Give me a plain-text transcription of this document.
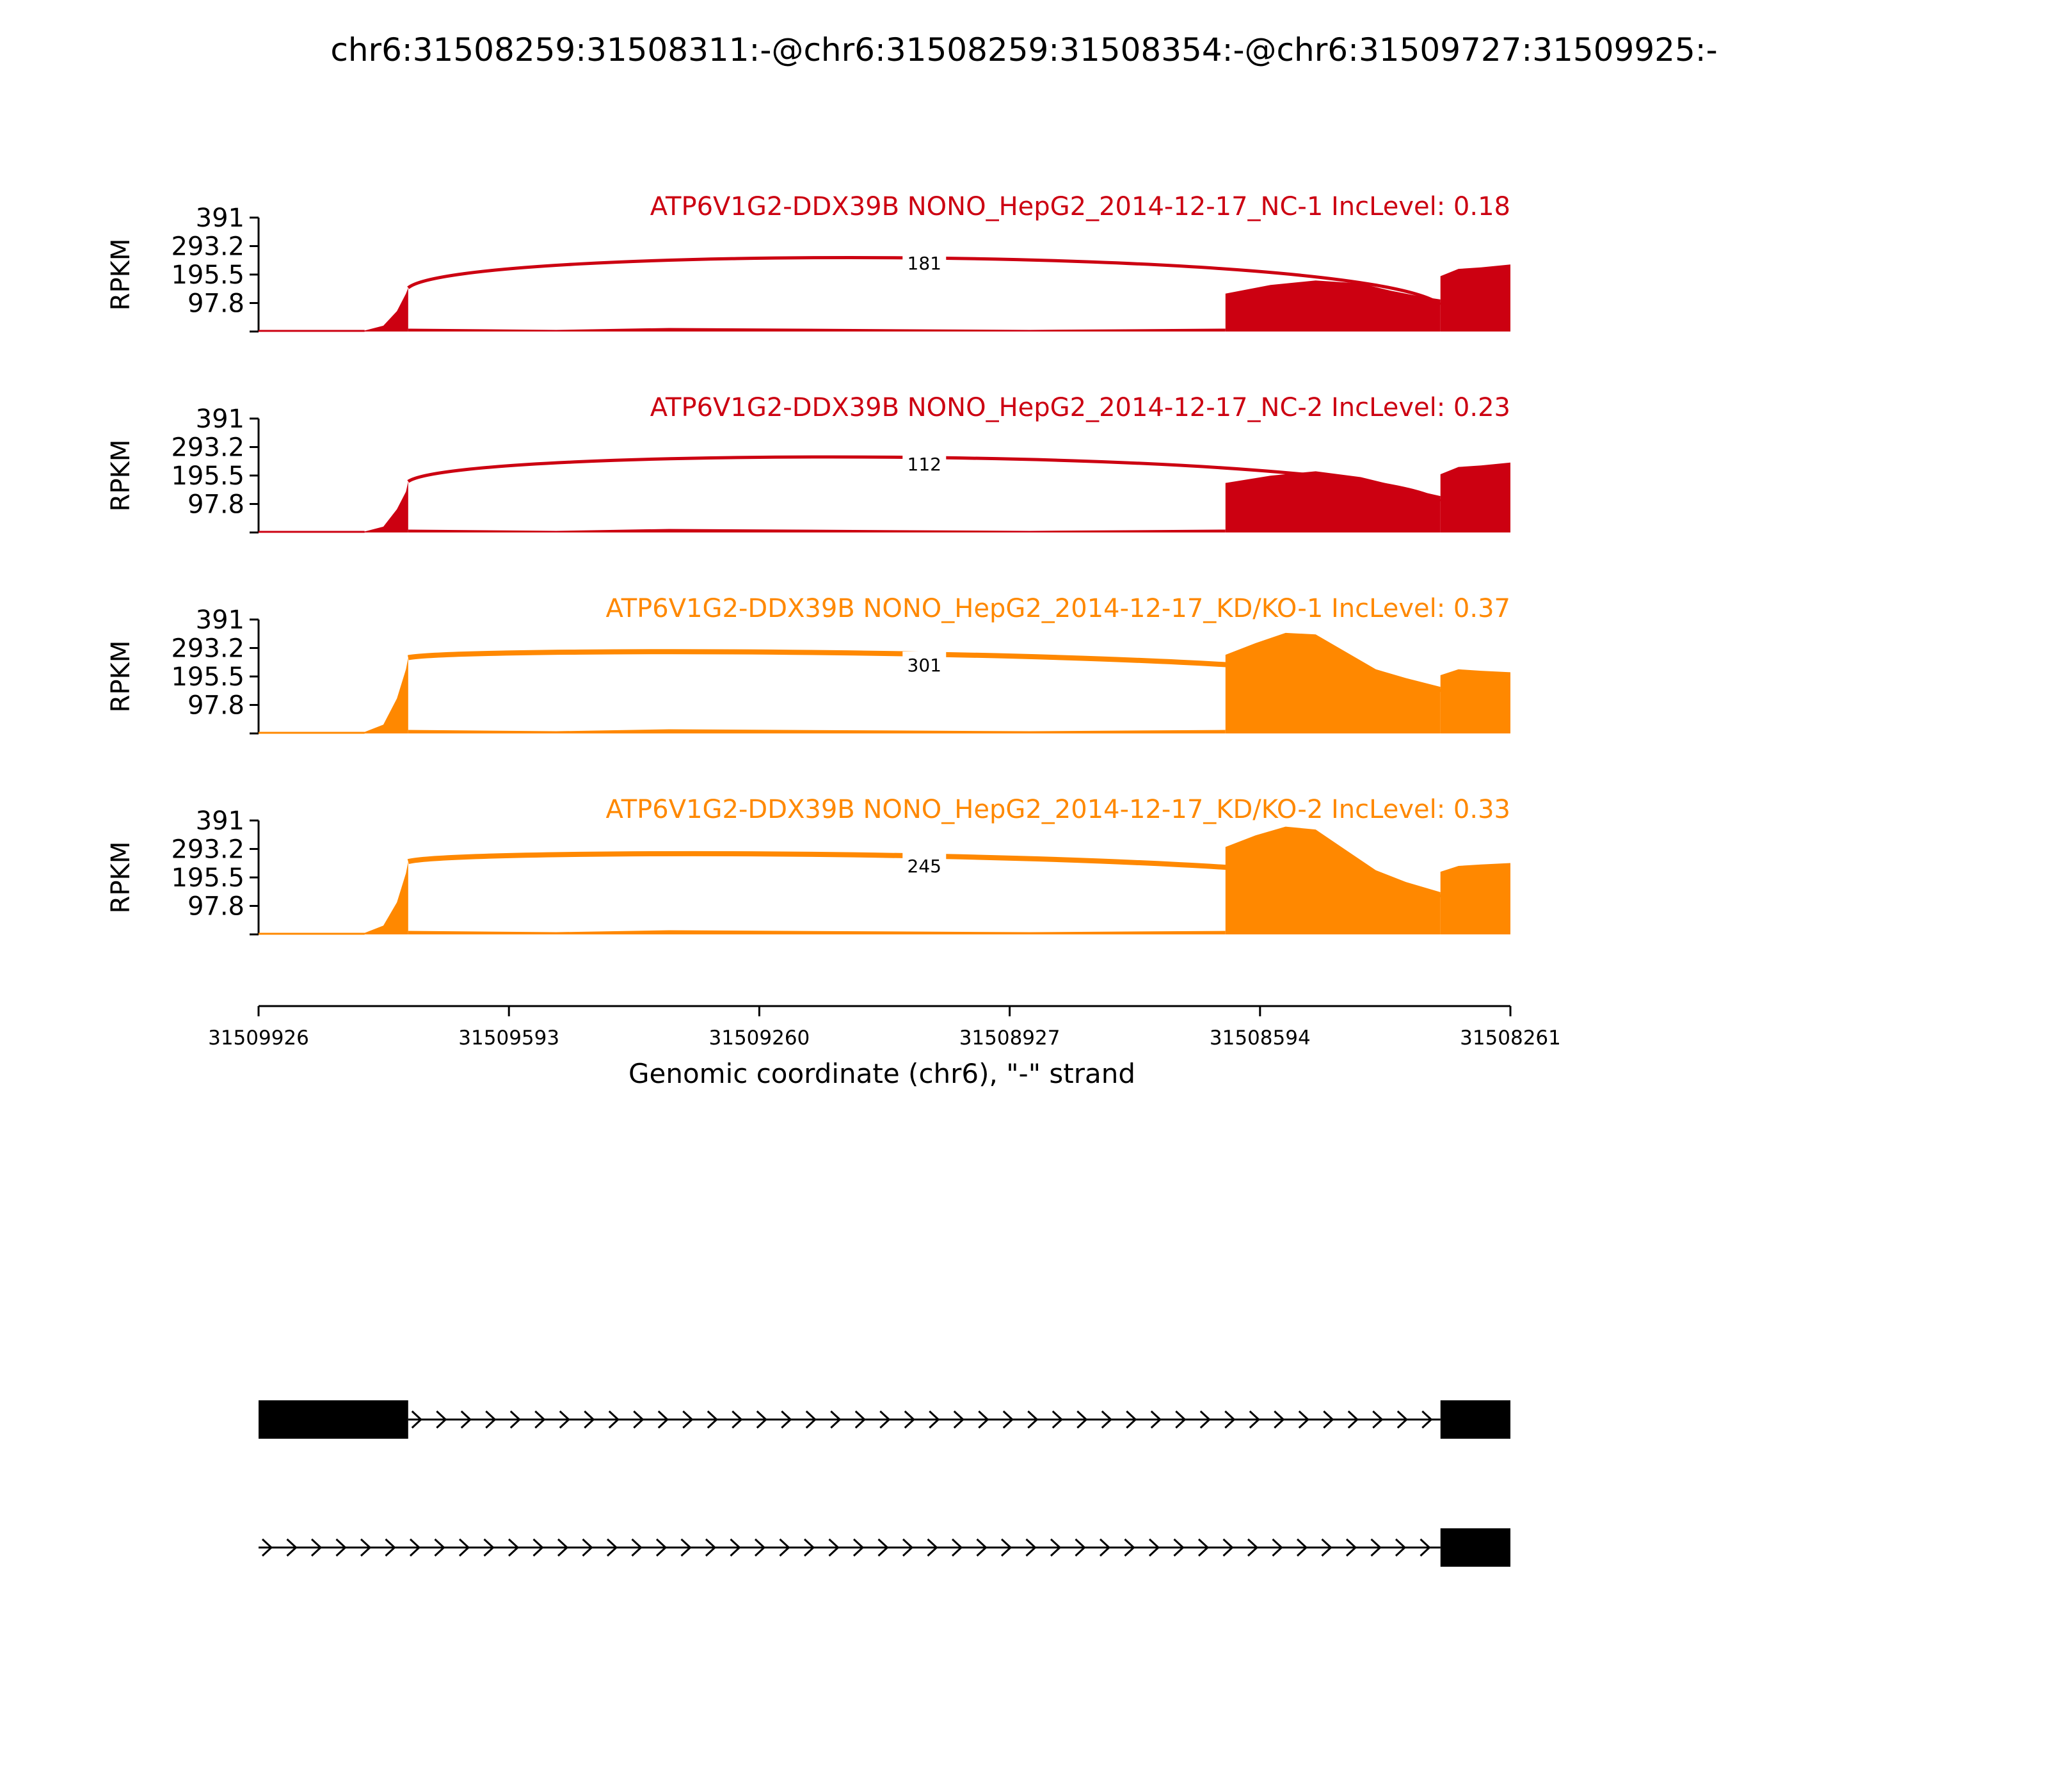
chr6:31508259:31508311:-@chr6:31508259:31508354:-@chr6:31509727:31509925:-
391
293.2
195.5
97.8
RPKM	181
ATP6V1G2-DDX39B NONO_HepG2_2014-12-17_NC-1 IncLevel: 0.18
391
293.2
195.5
97.8
RPKM	112
ATP6V1G2-DDX39B NONO_HepG2_2014-12-17_NC-2 IncLevel: 0.23
391
293.2
195.5
97.8
RPKM	301
ATP6V1G2-DDX39B NONO_HepG2_2014-12-17_KD/KO-1 IncLevel: 0.37
391
293.2
195.5
97.8
RPKM	245
ATP6V1G2-DDX39B NONO_HepG2_2014-12-17_KD/KO-2 IncLevel: 0.33
31509926	31509593	31509260	31508927	31508594	31508261
Genomic coordinate (chr6), "-" strand
